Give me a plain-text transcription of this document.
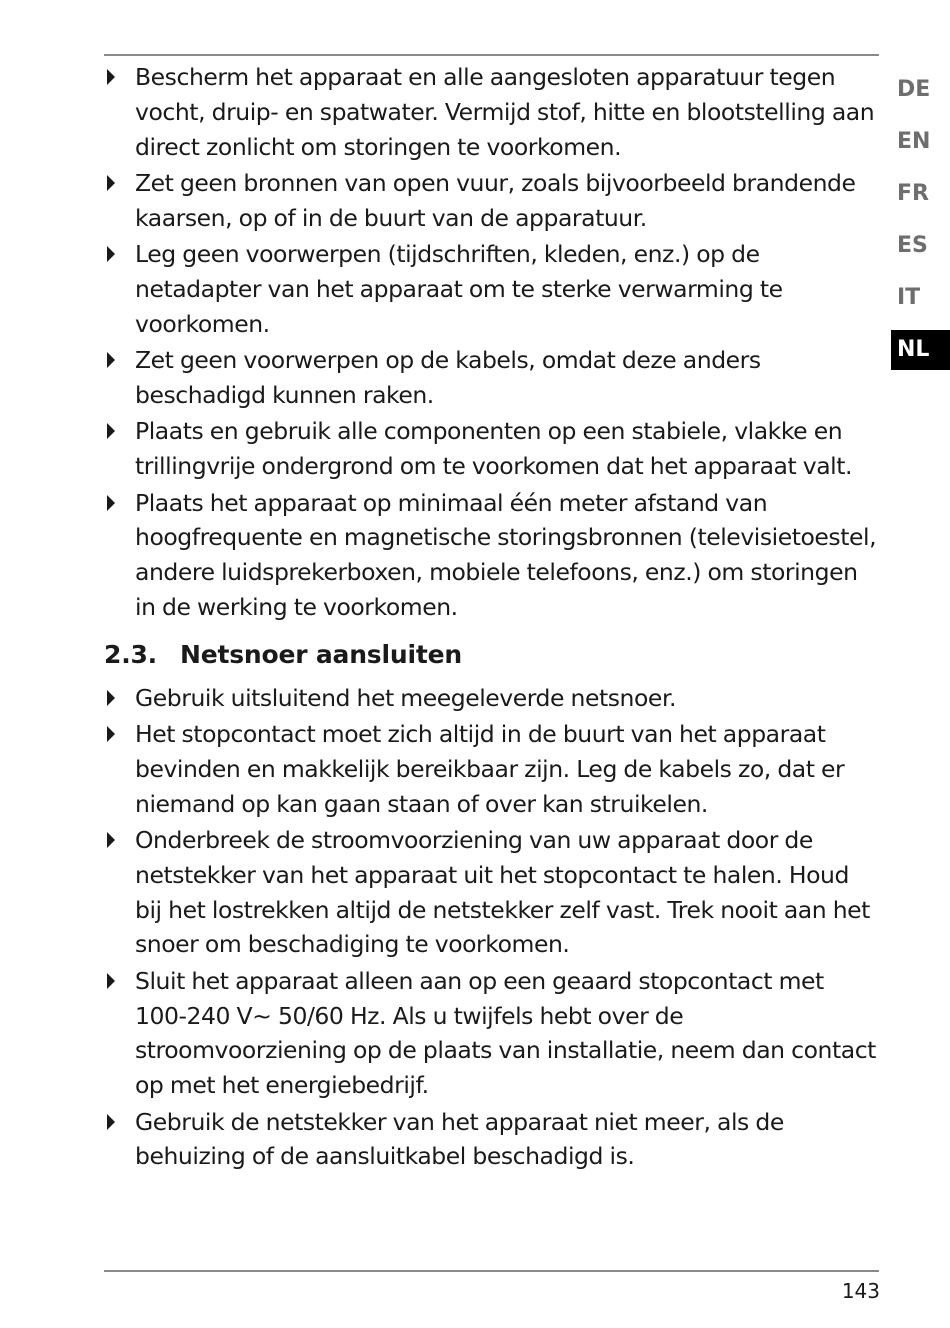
Bescherm het apparaat en alle aangesloten apparatuur tegen vocht, druip- en spatwater. Vermijd stof, hitte en blootstelling aan direct zonlicht om storingen te voorkomen.
Zet geen bronnen van open vuur, zoals bijvoorbeeld brandende kaarsen, op of in de buurt van de apparatuur.
Leg geen voorwerpen (tijdschriften, kleden, enz.) op de netadapter van het apparaat om te sterke verwarming te voorkomen.
Zet geen voorwerpen op de kabels, omdat deze anders beschadigd kunnen raken.
Plaats en gebruik alle componenten op een stabiele, vlakke en trillingvrije ondergrond om te voorkomen dat het apparaat valt.
Plaats het apparaat op minimaal één meter afstand van hoogfrequente en magnetische storingsbronnen (televisietoestel, andere luidsprekerboxen, mobiele telefoons, enz.) om storingen in de werking te voorkomen.
2.3. Netsnoer aansluiten
Gebruik uitsluitend het meegeleverde netsnoer.
Het stopcontact moet zich altijd in de buurt van het apparaat bevinden en makkelijk bereikbaar zijn. Leg de kabels zo, dat er niemand op kan gaan staan of over kan struikelen.
Onderbreek de stroomvoorziening van uw apparaat door de netstekker van het apparaat uit het stopcontact te halen. Houd bij het lostrekken altijd de netstekker zelf vast. Trek nooit aan het snoer om beschadiging te voorkomen.
Sluit het apparaat alleen aan op een geaard stopcontact met 100-240 V~ 50/60 Hz. Als u twijfels hebt over de stroomvoorziening op de plaats van installatie, neem dan contact op met het energiebedrijf.
Gebruik de netstekker van het apparaat niet meer, als de behuizing of de aansluitkabel beschadigd is.
DE
EN
FR
ES
IT
NL
143
